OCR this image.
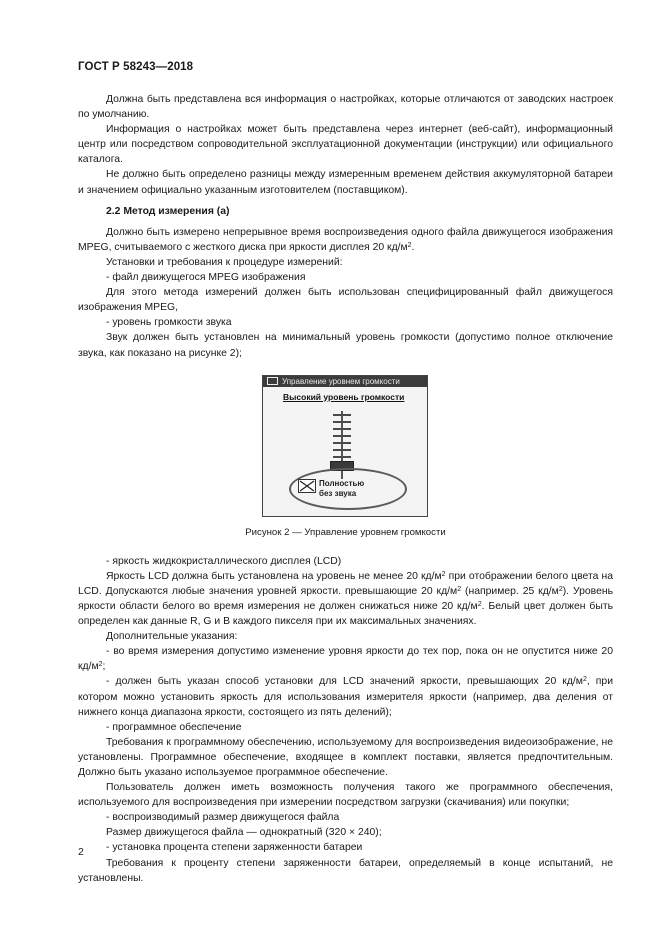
ГОСТ Р 58243—2018

Должна быть представлена вся информация о настройках, которые отличаются от заводских настроек по умолчанию.

Информация о настройках может быть представлена через интернет (веб-сайт), информационный центр или посредством сопроводительной эксплуатационной документации (инструкции) или официального каталога.

Не должно быть определено разницы между измеренным временем действия аккумуляторной батареи и значением официально указанным изготовителем (поставщиком).

2.2 Метод измерения (а)

Должно быть измерено непрерывное время воспроизведения одного файла движущегося изображения MPEG, считываемого с жесткого диска при яркости дисплея 20 $кд/м^2$.

Установки и требования к процедуре измерений:

- файл движущегося MPEG изображения

Для этого метода измерений должен быть использован специфицированный файл движущегося изображения MPEG,

- уровень громкости звука

Звук должен быть установлен на минимальный уровень громкости (допустимо полное отключение звука, как показано на рисунке 2);

Управление уровнем громкости
Высокий уровень громкости
Полностью
без звука

Рисунок 2 — Управление уровнем громкости

- яркость жидкокристаллического дисплея (LCD)

Яркость LCD должна быть установлена на уровень не менее 20 $кд/м^2$ при отображении белого цвета на LCD. Допускаются любые значения уровней яркости. превышающие 20 $кд/м^2$ (например. 25 $кд/м^2$). Уровень яркости области белого во время измерения не должен снижаться ниже 20 $кд/м^2$. Белый цвет должен быть определен как данные R, G и В каждого пикселя при их максимальных значениях.

Дополнительные указания:

- во время измерения допустимо изменение уровня яркости до тех пор, пока он не опустится ниже 20 $кд/м^2$;

- должен быть указан способ установки для LCD значений яркости, превышающих 20 $кд/м^2$, при котором можно установить яркость для использования измерителя яркости (например, два деления от нижнего конца диапазона яркости, состоящего из пять делений);

- программное обеспечение

Требования к программному обеспечению, используемому для воспроизведения видеоизображение, не установлены. Программное обеспечение, входящее в комплект поставки, является предпочтительным. Должно быть указано используемое программное обеспечение.

Пользователь должен иметь возможность получения такого же программного обеспечения, используемого для воспроизведения при измерении посредством загрузки (скачивания) или покупки;

- воспроизводимый размер движущегося файла

Размер движущегося файла — однократный (320 × 240);

- установка процента степени заряженности батареи

Требования к проценту степени заряженности батареи, определяемый в конце испытаний, не установлены.

2
